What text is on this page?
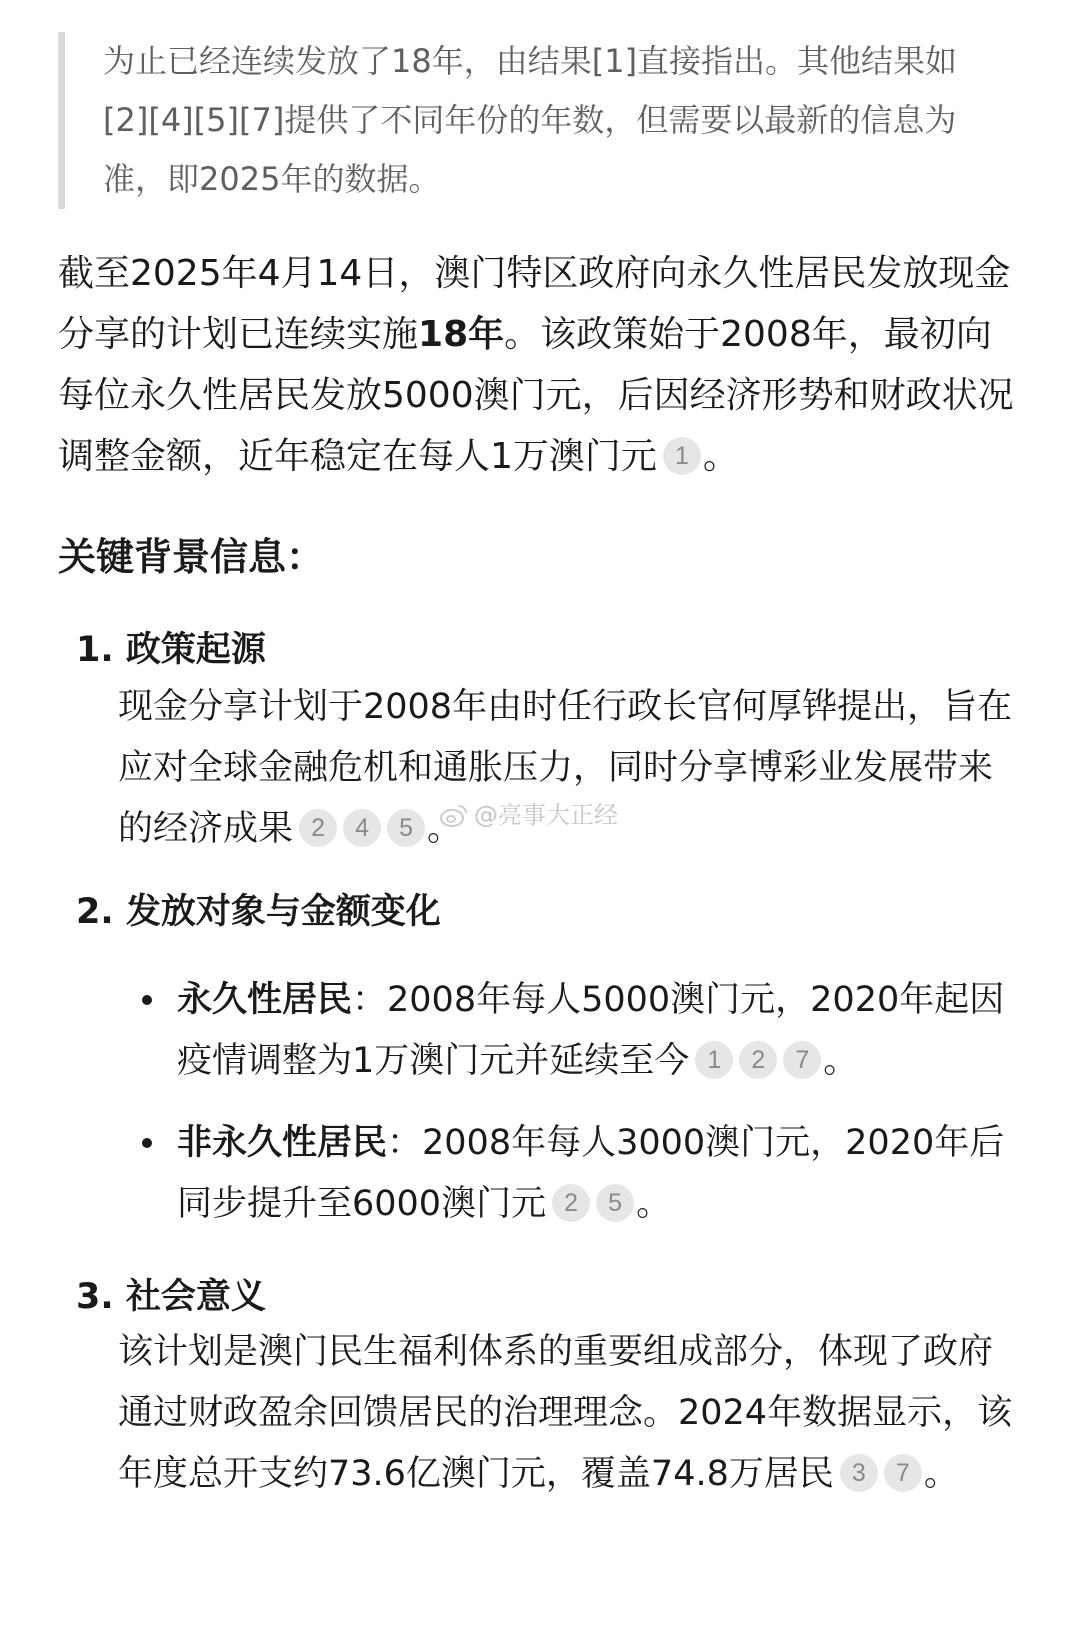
为止已经连续发放了18年，由结果[1]直接指出。其他结果如

[2][4][5][7]提供了不同年份的年数，但需要以最新的信息为

准，即2025年的数据。

截至2025年4月14日，澳门特区政府向永久性居民发放现金分享的计划已连续实施18年。该政策始于2008年，最初向每位永久性居民发放5000澳门元，后因经济形势和财政状况调整金额，近年稳定在每人1万澳门元 1 。

关键背景信息：

1. 政策起源

现金分享计划于2008年由时任行政长官何厚铧提出，旨在应对全球金融危机和通胀压力，同时分享博彩业发展带来的经济成果 2 4 5 。 @亮事大正经

2. 发放对象与金额变化

永久性居民：2008年每人5000澳门元，2020年起因疫情调整为1万澳门元并延续至今 1 2 7 。

非永久性居民：2008年每人3000澳门元，2020年后同步提升至6000澳门元 2 5 。

3. 社会意义

该计划是澳门民生福利体系的重要组成部分，体现了政府通过财政盈余回馈居民的治理理念。2024年数据显示，该年度总开支约73.6亿澳门元，覆盖74.8万居民 3 7 。
